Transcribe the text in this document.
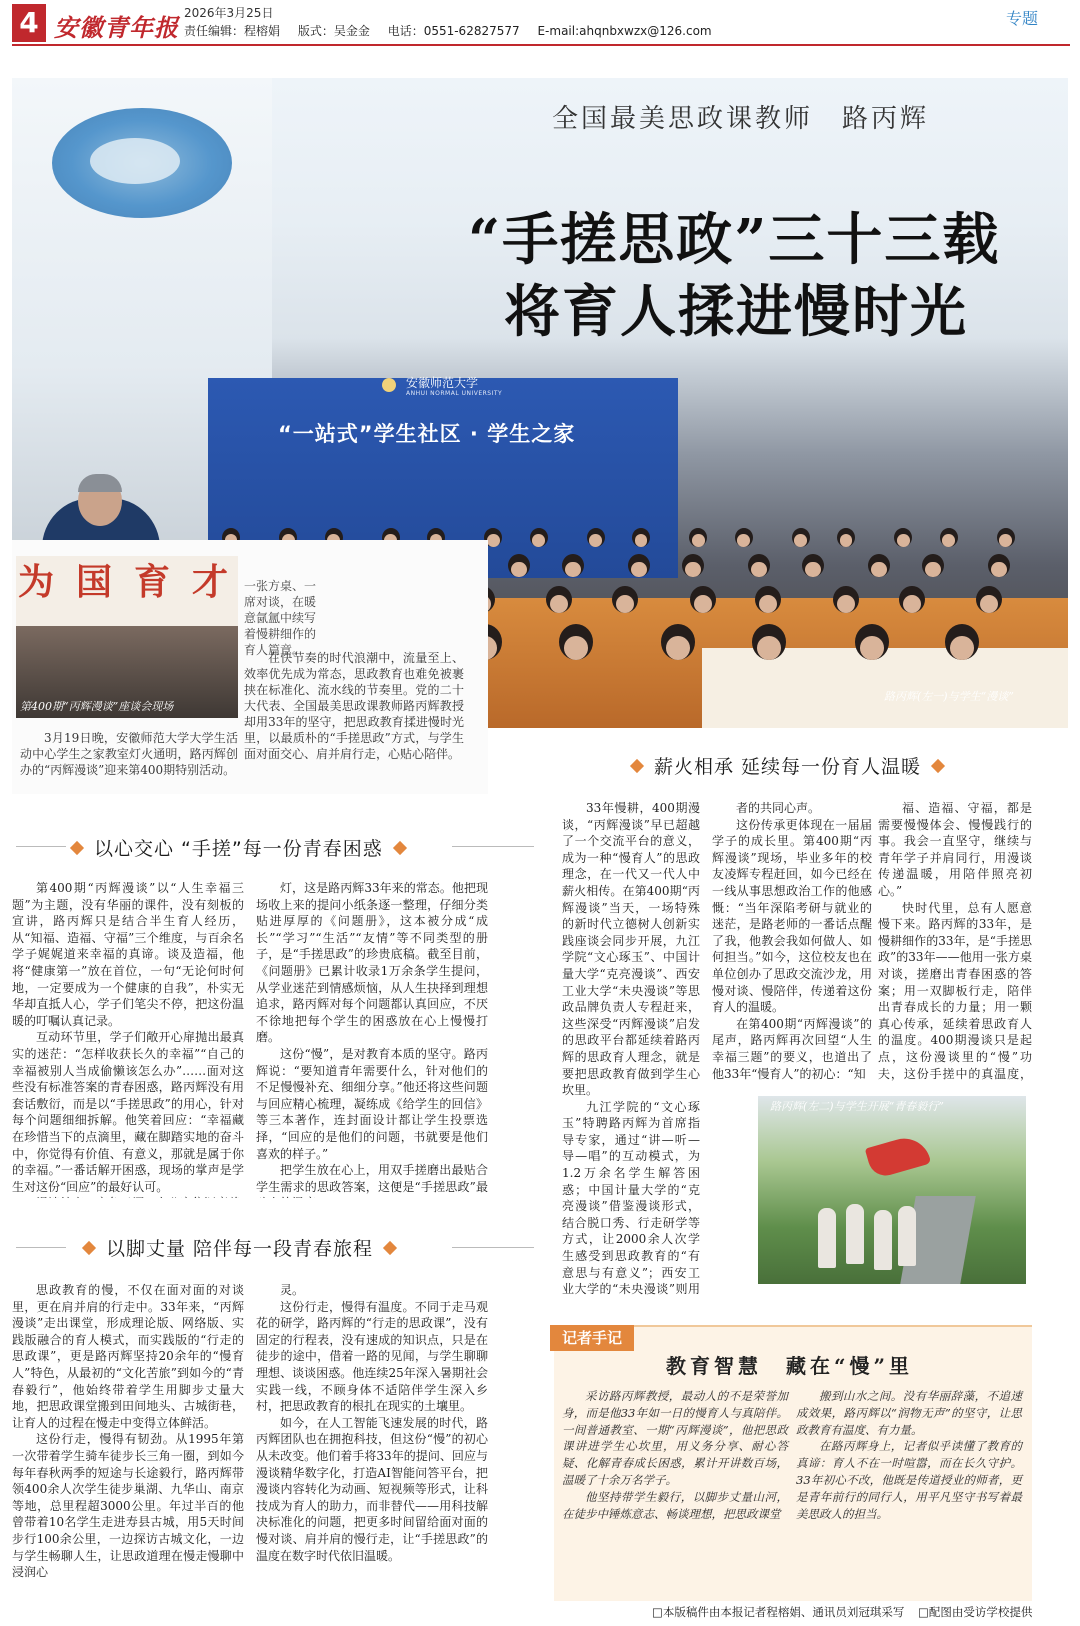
4 安徽青年报 2026年3月25日
责任编辑：程榕娟 版式：吴金金 电话：0551-62827577 E-mail:ahqnbxwzx@126.com
专题
安徽师范大学
ANHUI NORMAL UNIVERSITY
“一站式”学生社区 · 学生之家
全国最美思政课教师　路丙辉
“手搓思政”三十三载
将育人揉进慢时光
路丙辉(左一)与学生“漫谈”
为 国 育 才
第400期“丙辉漫谈”座谈会现场
一张方桌、一席对谈，在暖意氤氲中续写着慢耕细作的育人篇章。
在快节奏的时代浪潮中，流量至上、效率优先成为常态，思政教育也难免被裹挟在标准化、流水线的节奏里。党的二十大代表、全国最美思政课教师路丙辉教授却用33年的坚守，把思政教育揉进慢时光里，以最质朴的“手搓思政”方式，与学生面对面交心、肩并肩行走，心贴心陪伴。
3月19日晚，安徽师范大学大学生活动中心学生之家教室灯火通明，路丙辉创办的“丙辉漫谈”迎来第400期特别活动。	薪火相承 延续每一份育人温暖
以心交心 “手搓”每一份青春困惑

第400期“丙辉漫谈”以“人生幸福三题”为主题，没有华丽的课件，没有刻板的宣讲，路丙辉只是结合半生育人经历，从“知福、造福、守福”三个维度，与百余名学子娓娓道来幸福的真谛。谈及造福，他将“健康第一”放在首位，一句“无论何时何地，一定要成为一个健康的自我”，朴实无华却直抵人心，学子们笔尖不停，把这份温暖的叮嘱认真记录。

互动环节里，学子们敞开心扉抛出最真实的迷茫：“怎样收获长久的幸福”“自己的幸福被别人当成偷懒该怎么办”……面对这些没有标准答案的青春困惑，路丙辉没有用套话敷衍，而是以“手搓思政”的用心，针对每个问题细细拆解。他笑着回应：“幸福藏在珍惜当下的点滴里，藏在脚踏实地的奋斗中，你觉得有价值、有意义，那就是属于你的幸福。”一番话解开困惑，现场的掌声是学生对这份“回应”的最好认可。

灯，这是路丙辉33年来的常态。他把现场收上来的提问小纸条逐一整理，仔细分类贴进厚厚的《问题册》，这本被分成“成长”“学习”“生活”“友情”等不同类型的册子，是“手搓思政”的珍贵底稿。截至目前，《问题册》已累计收录1万余条学生提问，从学业迷茫到情感烦恼，从人生抉择到理想追求，路丙辉对每个问题都认真回应，不厌不徐地把每个学生的困惑放在心上慢慢打磨。

这份“慢”，是对教育本质的坚守。路丙辉说：“要知道青年需要什么，针对他们的不足慢慢补充、细细分享。”他还将这些问题与回应精心梳理，凝练成《给学生的回信》等三本著作，连封面设计都让学生投票选择，“回应的是他们的问题，书就要是他们喜欢的样子。”

把学生放在心上，用双手搓磨出最贴合学生需求的思政答案，这便是“手搓思政”最

以脚丈量 陪伴每一段青春旅程

思政教育的慢，不仅在面对面的对谈里，更在肩并肩的行走中。33年来，“丙辉漫谈”走出课堂，形成理论版、网络版、实践版融合的育人模式，而实践版的“行走的思政课”，更是路丙辉坚持20余年的“慢育人”特色，从最初的“文化苦旅”到如今的“青春毅行”，他始终带着学生用脚步丈量大地，把思政课堂搬到田间地头、古城街巷，让育人的过程在慢走中变得立体鲜活。

这份行走，慢得有韧劲。从1995年第一次带着学生骑车徒步长三角一圈，到如今每年春秋两季的短途与长途毅行，路丙辉带领400余人次学生徒步巢湖、九华山、南京等地，总里程超3000公里。年过半百的他曾带着10名学生走进寿县古城，用5天时间步行100余公里，一边探访古城文化，一边与学生畅聊人生，让思政道理在慢走慢聊中浸润心

灵。

这份行走，慢得有温度。不同于走马观花的研学，路丙辉的“行走的思政课”，没有固定的行程表，没有速成的知识点，只是在徒步的途中，借着一路的见闻，与学生聊聊理想、谈谈困惑。他连续25年深入暑期社会实践一线，不顾身体不适陪伴学生深入乡村，把思政教育的根扎在现实的土壤里。

如今，在人工智能飞速发展的时代，路丙辉团队也在拥抱科技，但这份“慢”的初心从未改变。他们着手将33年的提问、回应与漫谈精华数字化，打造AI智能问答平台，把漫谈内容转化为动画、短视频等形式，让科技成为育人的助力，而非替代——用科技解决标准化的问题，把更多时间留给面对面的慢对谈、肩并肩的慢行走，让“手搓思政”的温度在数字时代依旧温暖。

33年慢耕，400期漫谈，“丙辉漫谈”早已超越了一个交流平台的意义，成为一种“慢育人”的思政理念，在一代又一代人中薪火相传。在第400期“丙辉漫谈”当天，一场特殊的新时代立德树人创新实践座谈会同步开展，九江学院“文心琢玉”、中国计量大学“克亮漫谈”、西安工业大学“未央漫谈”等思政品牌负责人专程赶来，这些深受“丙辉漫谈”启发的思政平台都延续着路丙辉的思政育人理念，就是要把思政教育做到学生心坎里。

九江学院的“文心琢玉”特聘路丙辉为首席指导专家，通过“讲—听—导—唱”的互动模式，为1.2万余名学生解答困惑；中国计量大学的“克亮漫谈”借鉴漫谈形式，结合脱口秀、行走研学等方式，让2000余人次学生感受到思政教育的“有意思与有意义”；西安工业大学的“未央漫谈”则用

者的共同心声。

这份传承更体现在一届届学子的成长里。第400期“丙辉漫谈”现场，毕业多年的校友凌辉专程赶回，如今已经在一线从事思想政治工作的他感慨：“当年深陷考研与就业的迷茫，是路老师的一番话点醒了我，他教会我如何做人、如何担当。”如今，这位校友也在单位创办了思政交流沙龙，用慢对谈、慢陪伴，传递着这份育人的温暖。

在第400期“丙辉漫谈”的尾声，路丙辉再次回望“人生幸福三题”的要义，也道出了他33年“慢育人”的初心：“知

福、造福、守福，都是需要慢慢体会、慢慢践行的事。我会一直坚守，继续与青年学子并肩同行，用漫谈传递温暖，用陪伴照亮初心。”

快时代里，总有人愿意慢下来。路丙辉的33年，是慢耕细作的33年，是“手搓思政”的33年——他用一张方桌对谈，搓磨出青春困惑的答案；用一双脚板行走，陪伴出青春成长的力量；用一颗真心传承，延续着思政育人的温度。400期漫谈只是起点，这份漫谈里的“慢”功夫，这份手搓中的真温度，

路丙辉(左二)与学生开展“青春毅行”
记者手记
教育智慧　藏在“慢”里

采访路丙辉教授，最动人的不是荣誉加身，而是他33年如一日的慢育人与真陪伴。一间普通教室、一期“丙辉漫谈”，他把思政课讲进学生心坎里，用义务分享、耐心答疑、化解青春成长困惑，累计开讲数百场，温暖了十余万名学子。

他坚持带学生毅行，以脚步丈量山河，在徒步中锤炼意志、畅谈理想，把思政课堂

搬到山水之间。没有华丽辞藻，不追速成效果，路丙辉以“润物无声”的坚守，让思政教育有温度、有力量。

在路丙辉身上，记者似乎读懂了教育的真谛：育人不在一时喧嚣，而在长久守护。33年初心不改，他既是传道授业的师者，更是青年前行的同行人，用平凡坚守书写着最美思政人的担当。

□本版稿件由本报记者程榕娟、通讯员刘冠琪采写 □配图由受访学校提供
